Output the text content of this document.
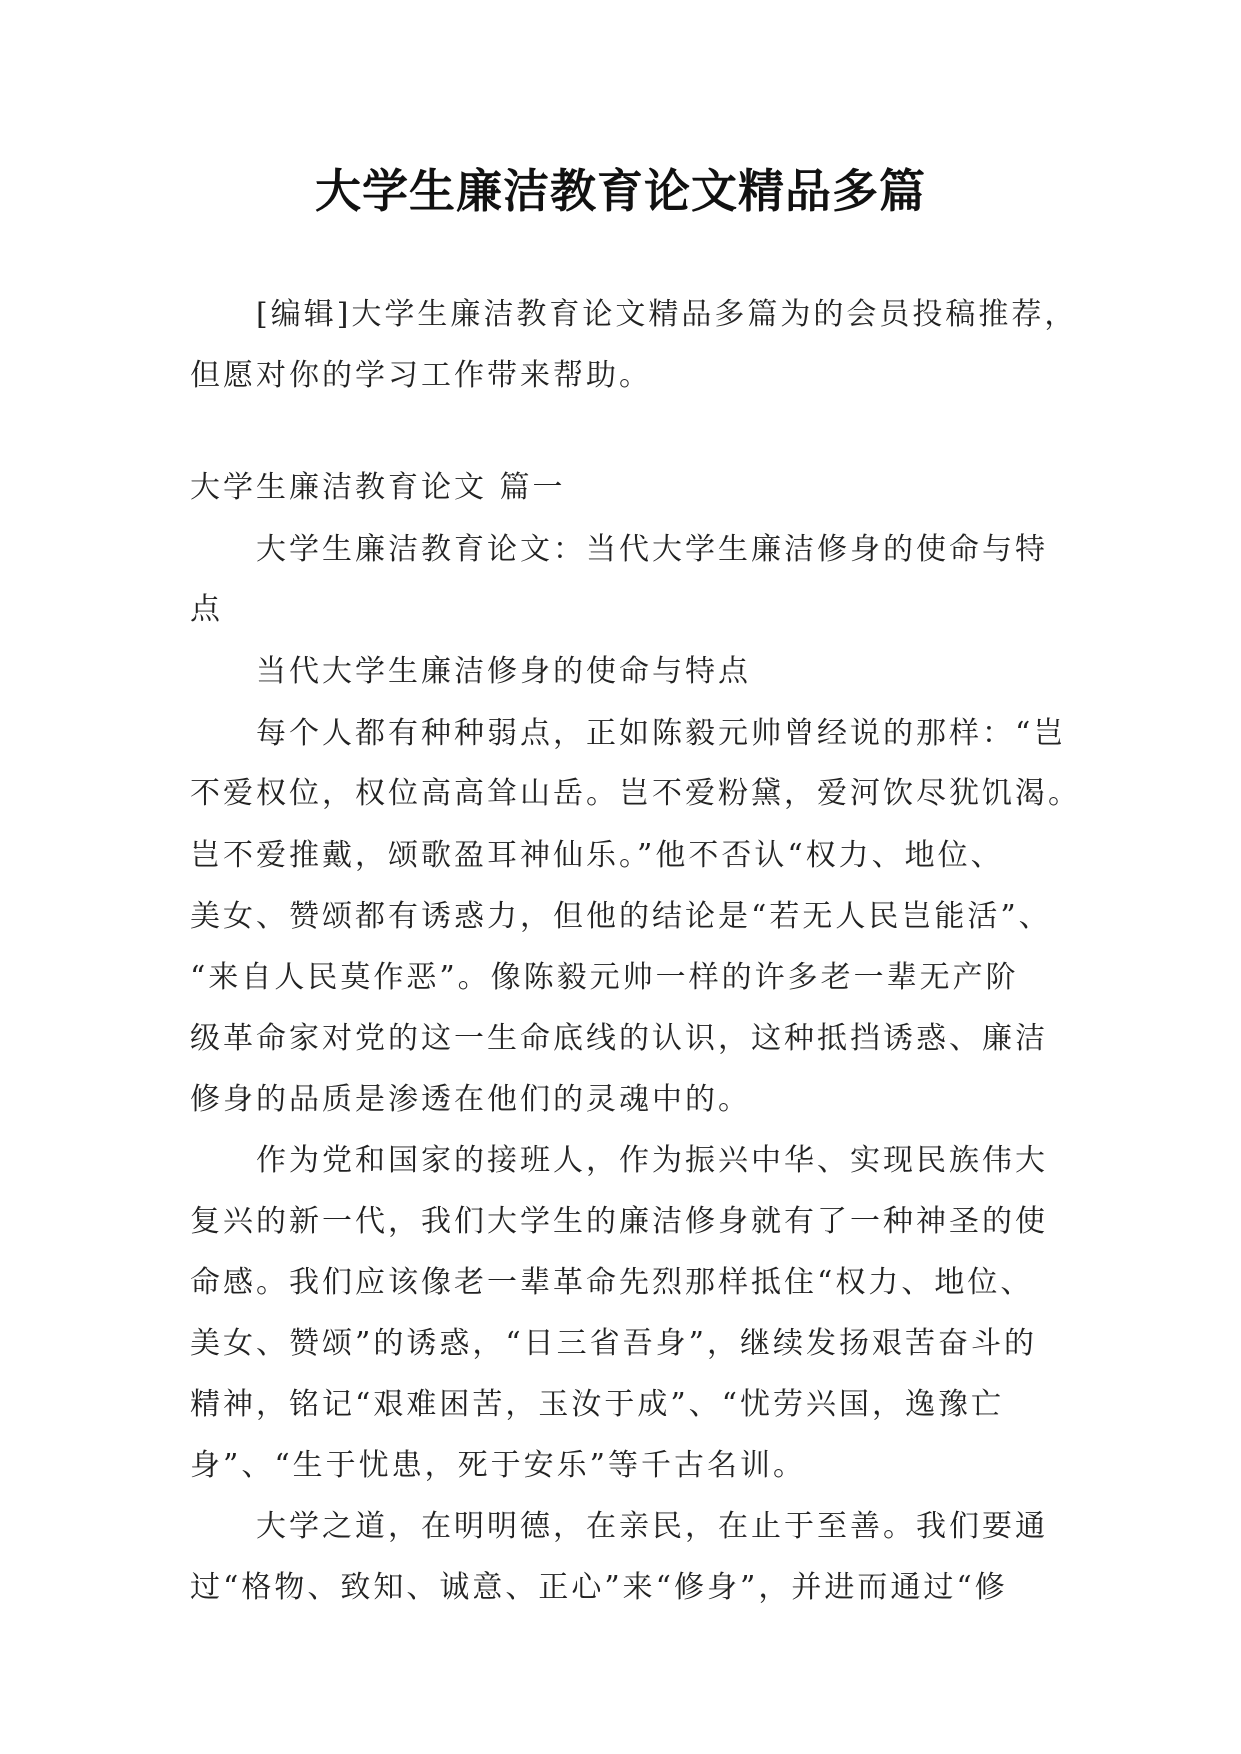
大学生廉洁教育论文精品多篇
[编辑]大学生廉洁教育论文精品多篇为的会员投稿推荐，
但愿对你的学习工作带来帮助。
大学生廉洁教育论文 篇一
大学生廉洁教育论文：当代大学生廉洁修身的使命与特
点
当代大学生廉洁修身的使命与特点
每个人都有种种弱点，正如陈毅元帅曾经说的那样：“岂
不爱权位，权位高高耸山岳。岂不爱粉黛，爱河饮尽犹饥渴。
岂不爱推戴，颂歌盈耳神仙乐。”他不否认“权力、地位、
美女、赞颂都有诱惑力，但他的结论是“若无人民岂能活”、
“来自人民莫作恶”。像陈毅元帅一样的许多老一辈无产阶
级革命家对党的这一生命底线的认识，这种抵挡诱惑、廉洁
修身的品质是渗透在他们的灵魂中的。
作为党和国家的接班人，作为振兴中华、实现民族伟大
复兴的新一代，我们大学生的廉洁修身就有了一种神圣的使
命感。我们应该像老一辈革命先烈那样抵住“权力、地位、
美女、赞颂”的诱惑，“日三省吾身”，继续发扬艰苦奋斗的
精神，铭记“艰难困苦，玉汝于成”、“忧劳兴国，逸豫亡
身”、“生于忧患，死于安乐”等千古名训。
大学之道，在明明德，在亲民，在止于至善。我们要通
过“格物、致知、诚意、正心”来“修身”，并进而通过“修
